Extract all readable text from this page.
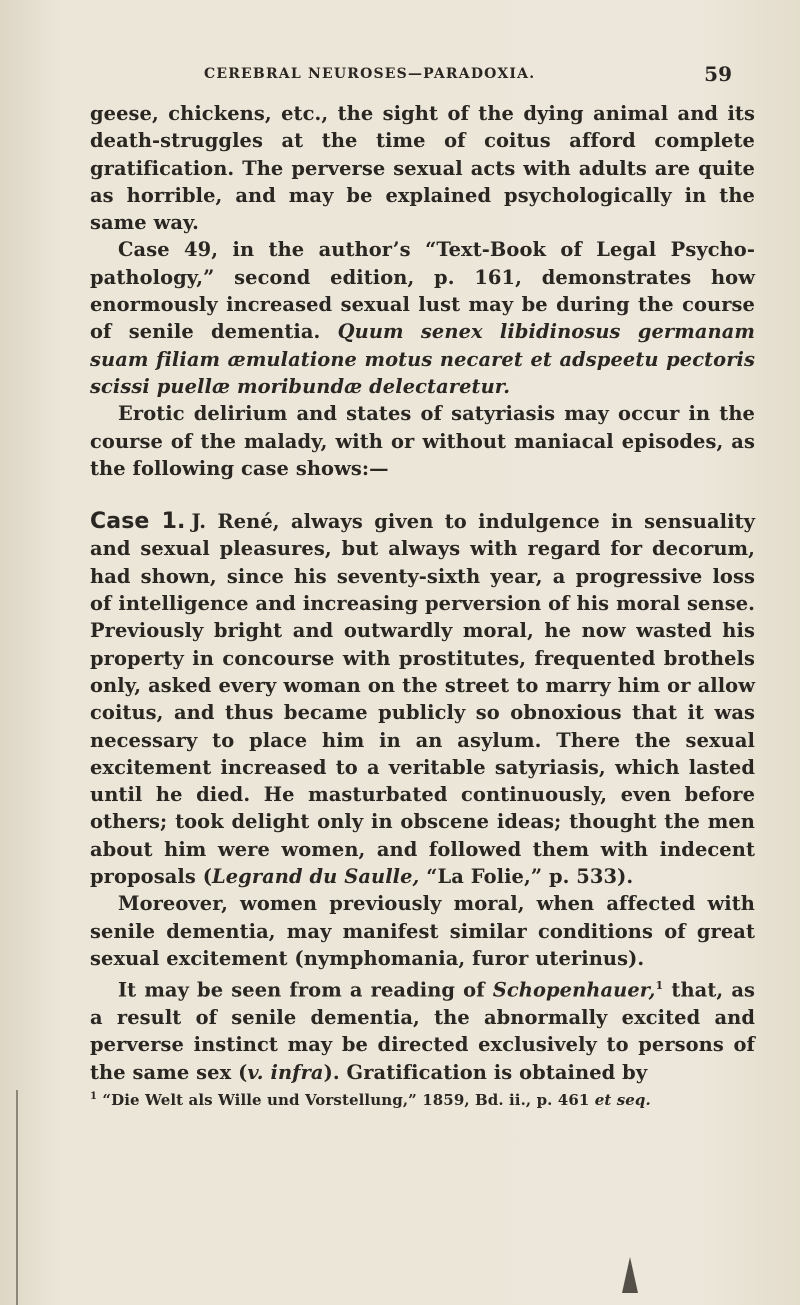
CEREBRAL NEUROSES—PARADOXIA.	59

geese, chickens, etc., the sight of the dying animal and its death-struggles at the time of coitus afford complete gratification. The perverse sexual acts with adults are quite as horrible, and may be explained psychologically in the same way.

Case 49, in the author’s “Text-Book of Legal Psycho-pathology,” second edition, p. 161, demonstrates how enormously increased sexual lust may be during the course of senile dementia. Quum senex libidinosus germanam suam filiam æmulatione motus necaret et adspeetu pectoris scissi puellæ moribundæ delectaretur.

Erotic delirium and states of satyriasis may occur in the course of the malady, with or without maniacal episodes, as the following case shows:—

Case 1. J. René, always given to indulgence in sensuality and sexual pleasures, but always with regard for decorum, had shown, since his seventy-sixth year, a progressive loss of intelligence and increasing perversion of his moral sense. Previously bright and outwardly moral, he now wasted his property in concourse with prostitutes, frequented brothels only, asked every woman on the street to marry him or allow coitus, and thus became publicly so obnoxious that it was necessary to place him in an asylum. There the sexual excitement increased to a veritable satyriasis, which lasted until he died. He masturbated continuously, even before others; took delight only in obscene ideas; thought the men about him were women, and followed them with indecent proposals (Legrand du Saulle, “La Folie,” p. 533).

Moreover, women previously moral, when affected with senile dementia, may manifest similar conditions of great sexual excitement (nymphomania, furor uterinus).

It may be seen from a reading of Schopenhauer,$^1$ that, as a result of senile dementia, the abnormally excited and perverse instinct may be directed exclusively to persons of the same sex (v. infra). Gratification is obtained by

$^1$ “Die Welt als Wille und Vorstellung,” 1859, Bd. ii., p. 461 et seq.
